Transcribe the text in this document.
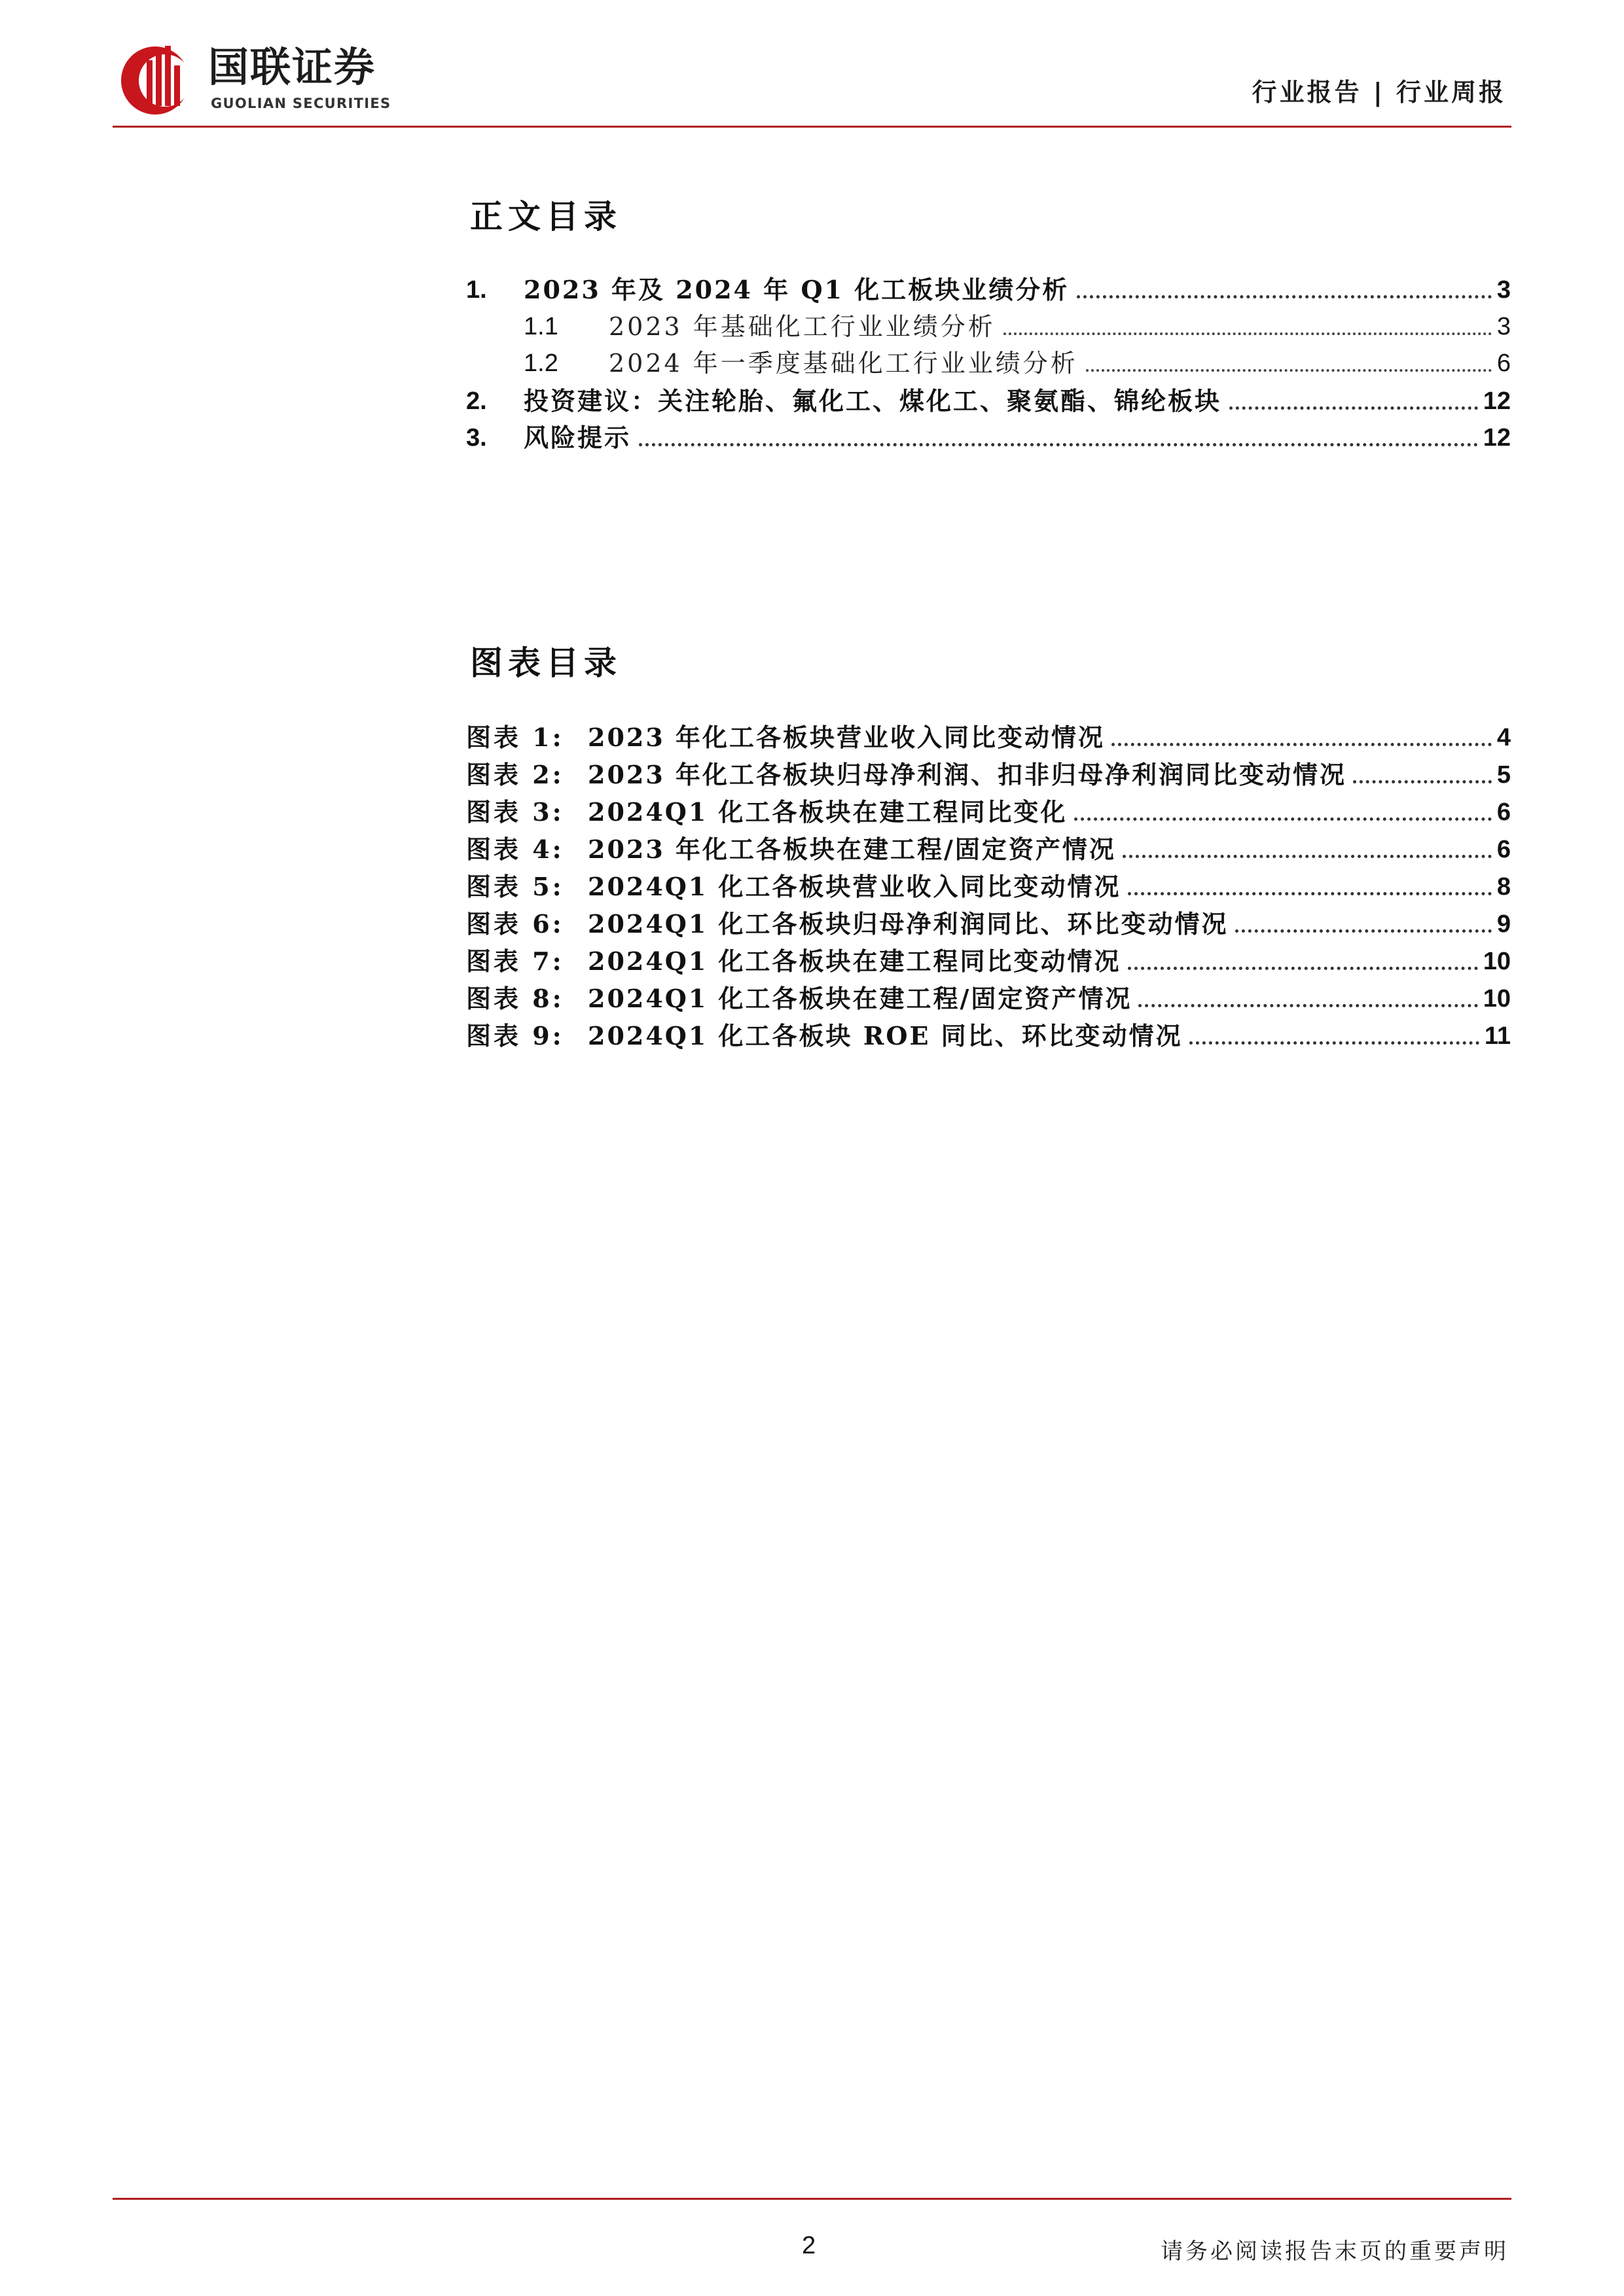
国联证券
GUOLIAN SECURITIES	行业报告 | 行业周报
正文目录
1.	2023 年及 2024 年 Q1 化工板块业绩分析	3
1.1	2023 年基础化工行业业绩分析	3
1.2	2024 年一季度基础化工行业业绩分析	6
2.	投资建议：关注轮胎、氟化工、煤化工、聚氨酯、锦纶板块	12
3.	风险提示	12
图表目录
图表 1: 2023 年化工各板块营业收入同比变动情况	4
图表 2: 2023 年化工各板块归母净利润、扣非归母净利润同比变动情况	5
图表 3: 2024Q1 化工各板块在建工程同比变化	6
图表 4: 2023 年化工各板块在建工程/固定资产情况	6
图表 5: 2024Q1 化工各板块营业收入同比变动情况	8
图表 6: 2024Q1 化工各板块归母净利润同比、环比变动情况	9
图表 7: 2024Q1 化工各板块在建工程同比变动情况	10
图表 8: 2024Q1 化工各板块在建工程/固定资产情况	10
图表 9: 2024Q1 化工各板块 ROE 同比、环比变动情况	11
2	请务必阅读报告末页的重要声明
